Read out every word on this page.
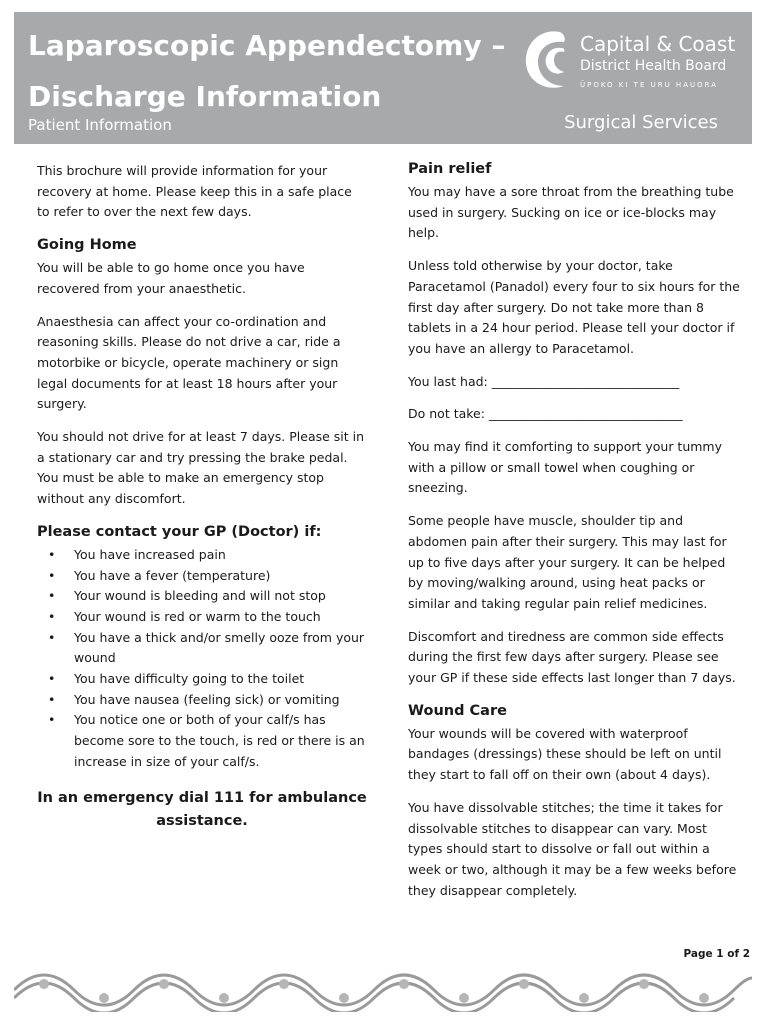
Laparoscopic Appendectomy – Discharge Information

Patient Information	Surgical Services

Capital & Coast
District Health Board
ŪPOKO KI TE URU HAUORA

This brochure will provide information for your recovery at home. Please keep this in a safe place to refer to over the next few days.

Going Home

You will be able to go home once you have recovered from your anaesthetic.

Anaesthesia can affect your co-ordination and reasoning skills. Please do not drive a car, ride a motorbike or bicycle, operate machinery or sign legal documents for at least 18 hours after your surgery.

You should not drive for at least 7 days. Please sit in a stationary car and try pressing the brake pedal. You must be able to make an emergency stop without any discomfort.

Please contact your GP (Doctor) if:
• You have increased pain
• You have a fever (temperature)
• Your wound is bleeding and will not stop
• Your wound is red or warm to the touch
• You have a thick and/or smelly ooze from your wound
• You have difficulty going to the toilet
• You have nausea (feeling sick) or vomiting
• You notice one or both of your calf/s has become sore to the touch, is red or there is an increase in size of your calf/s.

In an emergency dial 111 for ambulance assistance.

Pain relief

You may have a sore throat from the breathing tube used in surgery. Sucking on ice or ice-blocks may help.

Unless told otherwise by your doctor, take Paracetamol (Panadol) every four to six hours for the first day after surgery. Do not take more than 8 tablets in a 24 hour period. Please tell your doctor if you have an allergy to Paracetamol.

You last had: ______________________________

Do not take: _______________________________

You may find it comforting to support your tummy with a pillow or small towel when coughing or sneezing.

Some people have muscle, shoulder tip and abdomen pain after their surgery. This may last for up to five days after your surgery. It can be helped by moving/walking around, using heat packs or similar and taking regular pain relief medicines.

Discomfort and tiredness are common side effects during the first few days after surgery. Please see your GP if these side effects last longer than 7 days.

Wound Care

Your wounds will be covered with waterproof bandages (dressings) these should be left on until they start to fall off on their own (about 4 days).

You have dissolvable stitches; the time it takes for dissolvable stitches to disappear can vary. Most types should start to dissolve or fall out within a week or two, although it may be a few weeks before they disappear completely.

Page 1 of 2
